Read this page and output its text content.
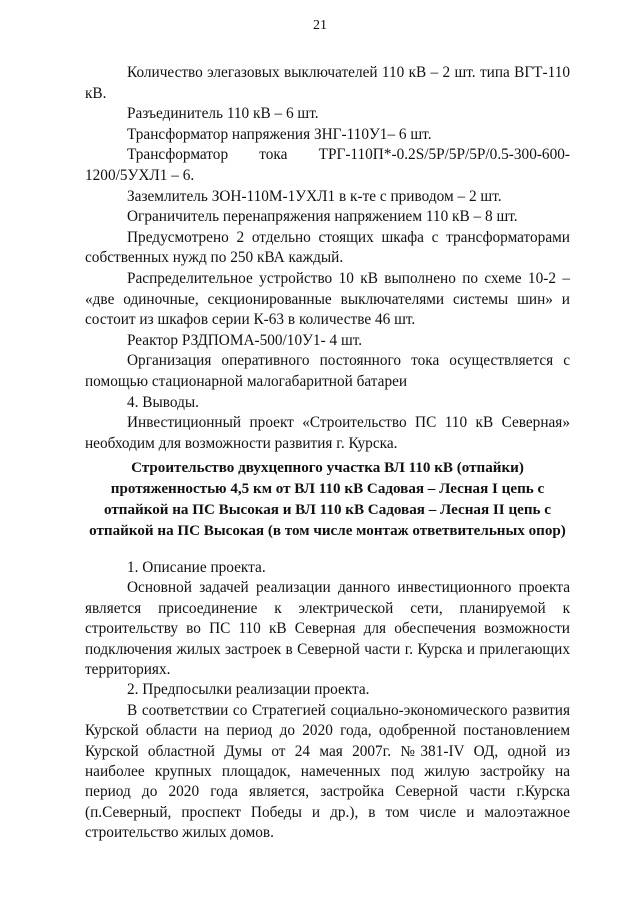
21

Количество элегазовых выключателей 110 кВ – 2 шт. типа ВГТ-110 кВ.

Разъединитель 110 кВ – 6 шт.

Трансформатор напряжения ЗНГ-110У1– 6 шт.

Трансформатор тока ТРГ-110П*-0.2S/5Р/5Р/5Р/0.5-300-600-

1200/5УХЛ1 – 6.

Заземлитель ЗОН-110М-1УХЛ1 в к-те с приводом – 2 шт.

Ограничитель перенапряжения напряжением 110 кВ – 8 шт.

Предусмотрено 2 отдельно стоящих шкафа с трансформаторами собственных нужд по 250 кВА каждый.

Распределительное устройство 10 кВ выполнено по схеме 10-2 – «две одиночные, секционированные выключателями системы шин» и состоит из шкафов серии К-63 в количестве 46 шт.

Реактор РЗДПОМА-500/10У1- 4 шт.

Организация оперативного постоянного тока осуществляется с помощью стационарной малогабаритной батареи

4. Выводы.

Инвестиционный проект «Строительство ПС 110 кВ Северная» необходим для возможности развития г. Курска.

Строительство двухцепного участка ВЛ 110 кВ (отпайки) протяженностью 4,5 км от ВЛ 110 кВ Садовая – Лесная I цепь с отпайкой на ПС Высокая и ВЛ 110 кВ Садовая – Лесная II цепь с отпайкой на ПС Высокая (в том числе монтаж ответвительных опор)

1. Описание проекта.

Основной задачей реализации данного инвестиционного проекта является присоединение к электрической сети, планируемой к строительству во ПС 110 кВ Северная для обеспечения возможности подключения жилых застроек в Северной части г. Курска и прилегающих территориях.

2. Предпосылки реализации проекта.

В соответствии со Стратегией социально-экономического развития Курской области на период до 2020 года, одобренной постановлением Курской областной Думы от 24 мая 2007г. №381-IV ОД, одной из наиболее крупных площадок, намеченных под жилую застройку на период до 2020 года является, застройка Северной части г.Курска (п.Северный, проспект Победы и др.), в том числе и малоэтажное строительство жилых домов.
